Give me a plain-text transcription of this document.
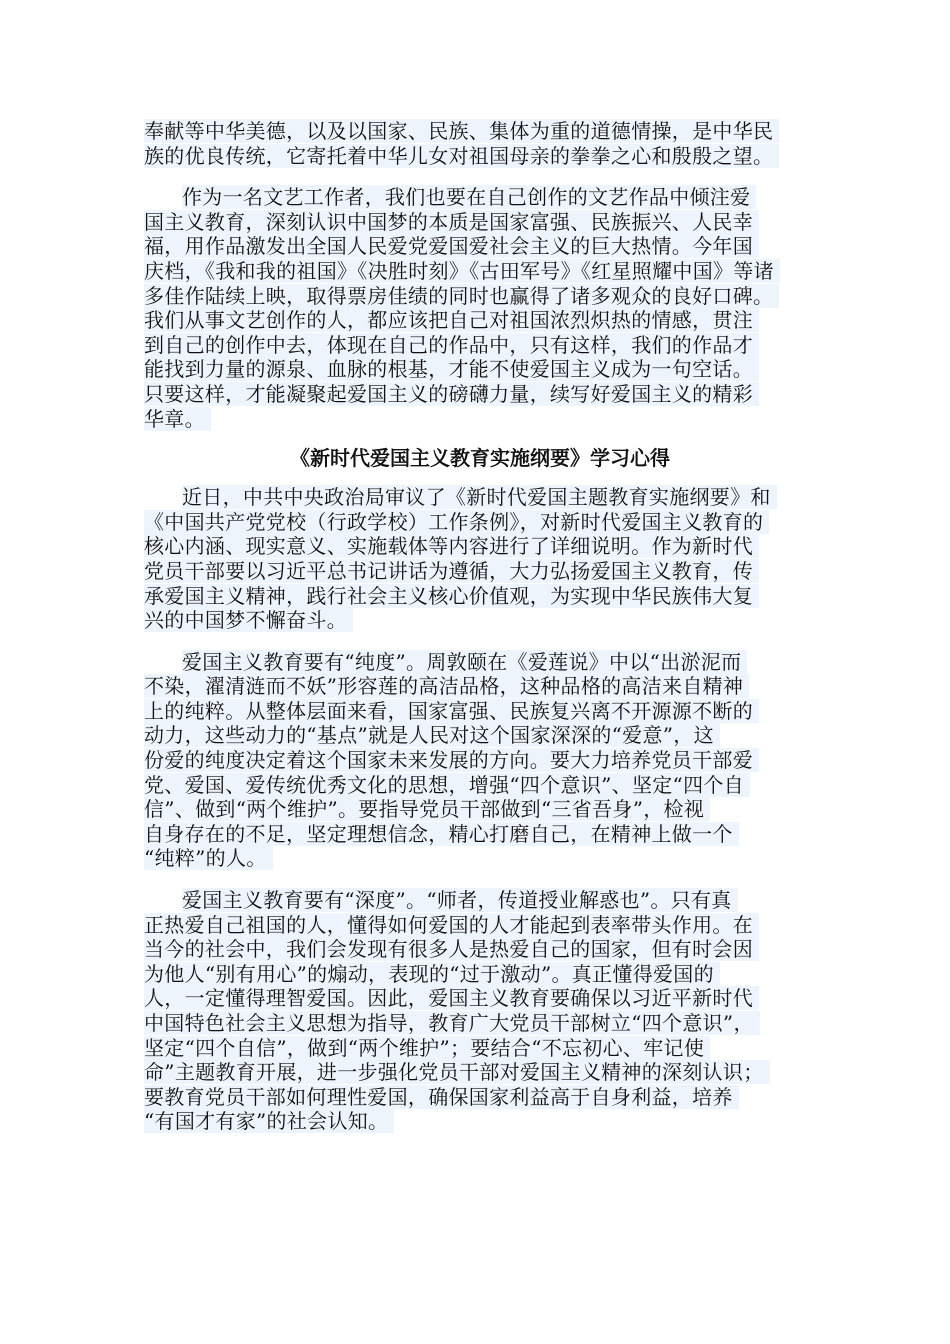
奉献等中华美德，以及以国家、民族、集体为重的道德情操，是中华民
族的优良传统，它寄托着中华儿女对祖国母亲的拳拳之心和殷殷之望。
作为一名文艺工作者，我们也要在自己创作的文艺作品中倾注爱
国主义教育，深刻认识中国梦的本质是国家富强、民族振兴、人民幸
福，用作品激发出全国人民爱党爱国爱社会主义的巨大热情。今年国
庆档，《我和我的祖国》《决胜时刻》《古田军号》《红星照耀中国》等诸
多佳作陆续上映，取得票房佳绩的同时也赢得了诸多观众的良好口碑。
我们从事文艺创作的人，都应该把自己对祖国浓烈炽热的情感，贯注
到自己的创作中去，体现在自己的作品中，只有这样，我们的作品才
能找到力量的源泉、血脉的根基，才能不使爱国主义成为一句空话。
只要这样，才能凝聚起爱国主义的磅礴力量，续写好爱国主义的精彩
华章。
《新时代爱国主义教育实施纲要》学习心得
近日，中共中央政治局审议了《新时代爱国主题教育实施纲要》和
《中国共产党党校（行政学校）工作条例》，对新时代爱国主义教育的
核心内涵、现实意义、实施载体等内容进行了详细说明。作为新时代
党员干部要以习近平总书记讲话为遵循，大力弘扬爱国主义教育，传
承爱国主义精神，践行社会主义核心价值观，为实现中华民族伟大复
兴的中国梦不懈奋斗。
爱国主义教育要有“纯度”。周敦颐在《爱莲说》中以“出淤泥而
不染，濯清涟而不妖”形容莲的高洁品格，这种品格的高洁来自精神
上的纯粹。从整体层面来看，国家富强、民族复兴离不开源源不断的
动力，这些动力的“基点”就是人民对这个国家深深的“爱意”，这
份爱的纯度决定着这个国家未来发展的方向。要大力培养党员干部爱
党、爱国、爱传统优秀文化的思想，增强“四个意识”、坚定“四个自
信”、做到“两个维护”。要指导党员干部做到“三省吾身”，检视
自身存在的不足，坚定理想信念，精心打磨自己，在精神上做一个
“纯粹”的人。
爱国主义教育要有“深度”。“师者，传道授业解惑也”。只有真
正热爱自己祖国的人，懂得如何爱国的人才能起到表率带头作用。在
当今的社会中，我们会发现有很多人是热爱自己的国家，但有时会因
为他人“别有用心”的煽动，表现的“过于激动”。真正懂得爱国的
人，一定懂得理智爱国。因此，爱国主义教育要确保以习近平新时代
中国特色社会主义思想为指导，教育广大党员干部树立“四个意识”，
坚定“四个自信”，做到“两个维护”；要结合“不忘初心、牢记使
命”主题教育开展，进一步强化党员干部对爱国主义精神的深刻认识；
要教育党员干部如何理性爱国，确保国家利益高于自身利益，培养
“有国才有家”的社会认知。
